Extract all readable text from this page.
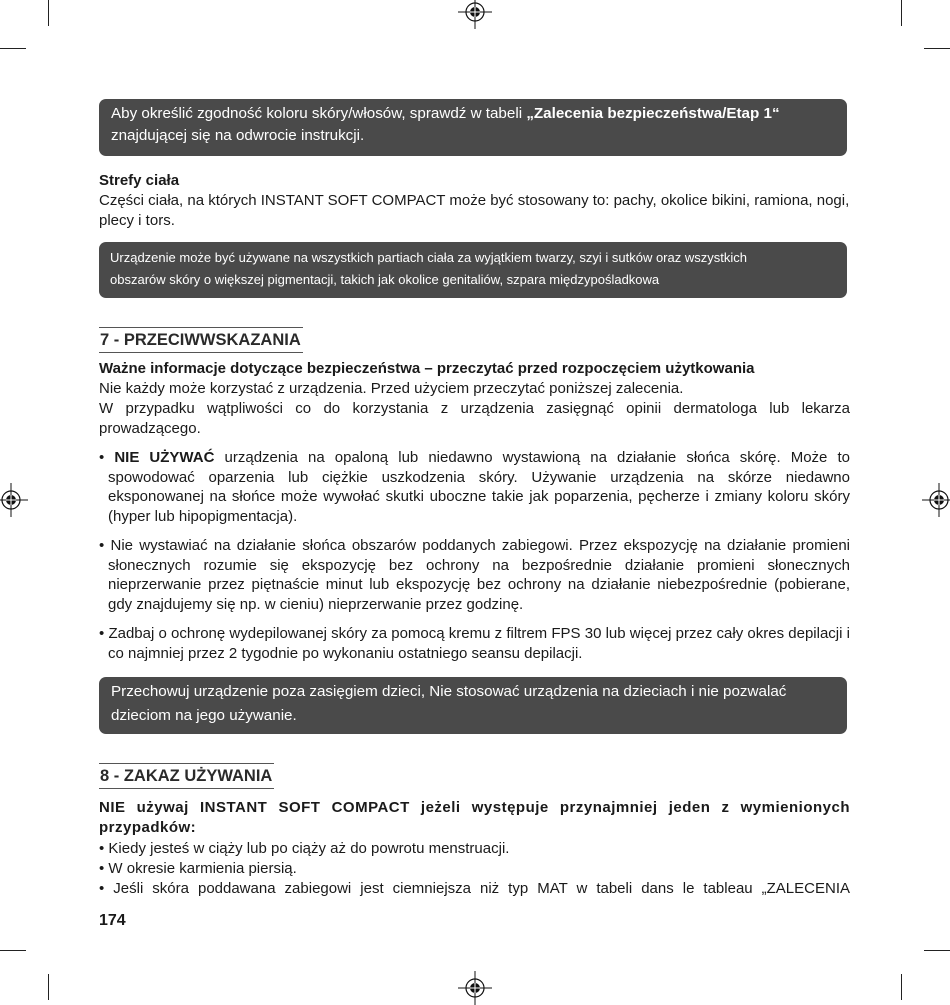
Aby określić zgodność koloru skóry/włosów, sprawdź w tabeli „Zalecenia bezpieczeństwa/Etap 1“
znajdującej się na odwrocie instrukcji.
Strefy ciała
Części ciała, na których INSTANT SOFT COMPACT może być stosowany to: pachy, okolice bikini, ramiona, nogi, plecy i tors.
Urządzenie może być używane na wszystkich partiach ciała za wyjątkiem twarzy, szyi i sutków oraz wszystkich
obszarów skóry o większej pigmentacji, takich jak okolice genitaliów, szpara międzypośladkowa
7 - PRZECIWWSKAZANIA
Ważne informacje dotyczące bezpieczeństwa – przeczytać przed rozpoczęciem użytkowania
Nie każdy może korzystać z urządzenia. Przed użyciem przeczytać poniższej zalecenia.
W przypadku wątpliwości co do korzystania z urządzenia zasięgnąć opinii dermatologa lub lekarza prowadzącego.
• NIE UŻYWAĆ urządzenia na opaloną lub niedawno wystawioną na działanie słońca skórę. Może to spowodować oparzenia lub ciężkie uszkodzenia skóry. Używanie urządzenia na skórze niedawno eksponowanej na słońce może wywołać skutki uboczne takie jak poparzenia, pęcherze i zmiany koloru skóry (hyper lub hipopigmentacja).
• Nie wystawiać na działanie słońca obszarów poddanych zabiegowi. Przez ekspozycję na działanie promieni słonecznych rozumie się ekspozycję bez ochrony na bezpośrednie działanie promieni słonecznych nieprzerwanie przez piętnaście minut lub ekspozycję bez ochrony na działanie niebezpośrednie (pobierane, gdy znajdujemy się np. w cieniu) nieprzerwanie przez godzinę.
• Zadbaj o ochronę wydepilowanej skóry za pomocą kremu z filtrem FPS 30 lub więcej przez cały okres depilacji i co najmniej przez 2 tygodnie po wykonaniu ostatniego seansu depilacji.
Przechowuj urządzenie poza zasięgiem dzieci, Nie stosować urządzenia na dzieciach i nie pozwalać
dzieciom na jego używanie.
8 - ZAKAZ UŻYWANIA
NIE używaj INSTANT SOFT COMPACT jeżeli występuje przynajmniej jeden z wymienionych przypadków:
• Kiedy jesteś w ciąży lub po ciąży aż do powrotu menstruacji.
• W okresie karmienia piersią.
• Jeśli skóra poddawana zabiegowi jest ciemniejsza niż typ MAT w tabeli dans le tableau „ZALECENIA
174
